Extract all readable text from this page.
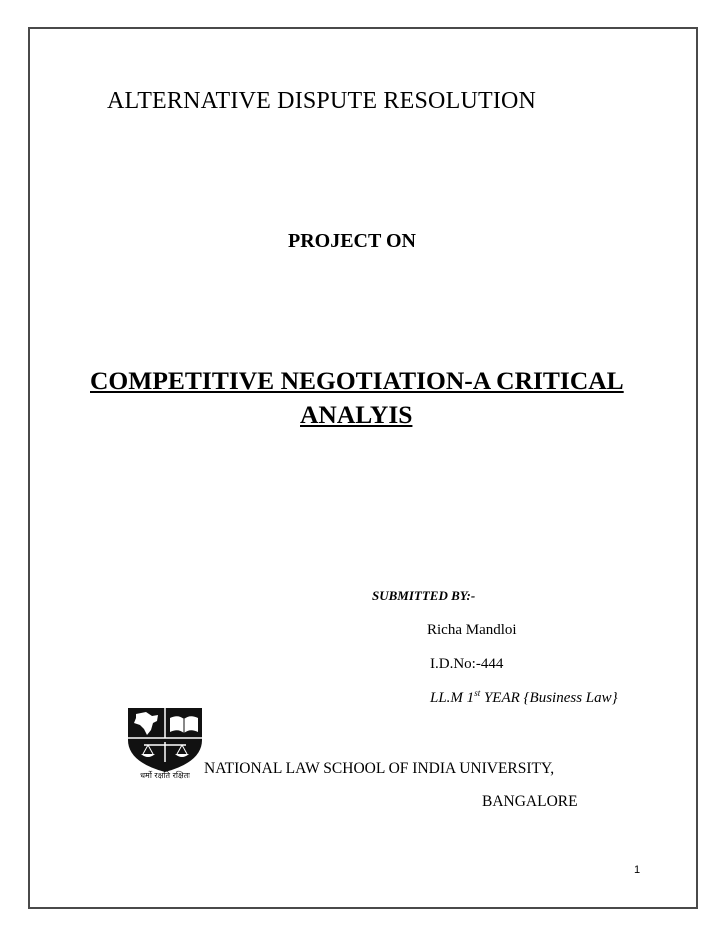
ALTERNATIVE DISPUTE RESOLUTION
PROJECT ON
COMPETITIVE NEGOTIATION-A CRITICAL
ANALYIS
SUBMITTED BY:-
Richa Mandloi
I.D.No:-444
LL.M 1st YEAR {Business Law}
धर्मो रक्षति रक्षितः NATIONAL LAW SCHOOL OF INDIA UNIVERSITY,
BANGALORE
1
